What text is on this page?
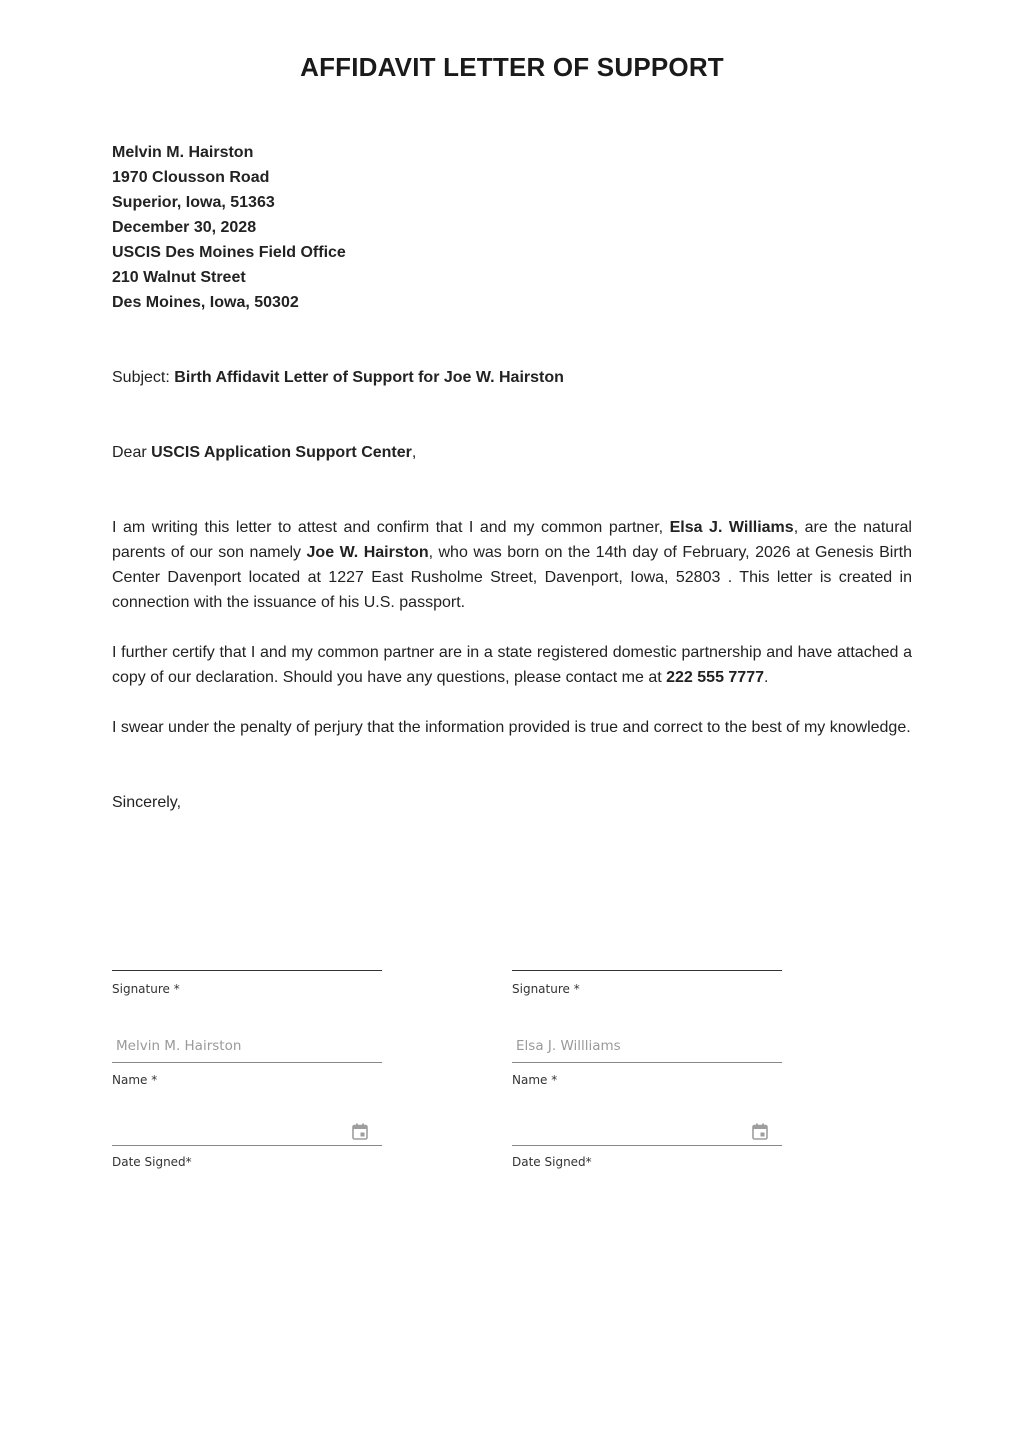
AFFIDAVIT LETTER OF SUPPORT
Melvin M. Hairston
1970 Clousson Road
Superior, Iowa, 51363
December 30, 2028
USCIS Des Moines Field Office
210 Walnut Street
Des Moines, Iowa, 50302
Subject: Birth Affidavit Letter of Support for Joe W. Hairston
Dear USCIS Application Support Center,
I am writing this letter to attest and confirm that I and my common partner, Elsa J. Williams, are the natural parents of our son namely Joe W. Hairston, who was born on the 14th day of February, 2026 at Genesis Birth Center Davenport located at 1227 East Rusholme Street, Davenport, Iowa, 52803 . This letter is created in connection with the issuance of his U.S. passport.
I further certify that I and my common partner are in a state registered domestic partnership and have attached a copy of our declaration. Should you have any questions, please contact me at 222 555 7777.
I swear under the penalty of perjury that the information provided is true and correct to the best of my knowledge.
Sincerely,
Signature *
Melvin M. Hairston
Name *
Date Signed*
Signature *
Elsa J. Willliams
Name *
Date Signed*
